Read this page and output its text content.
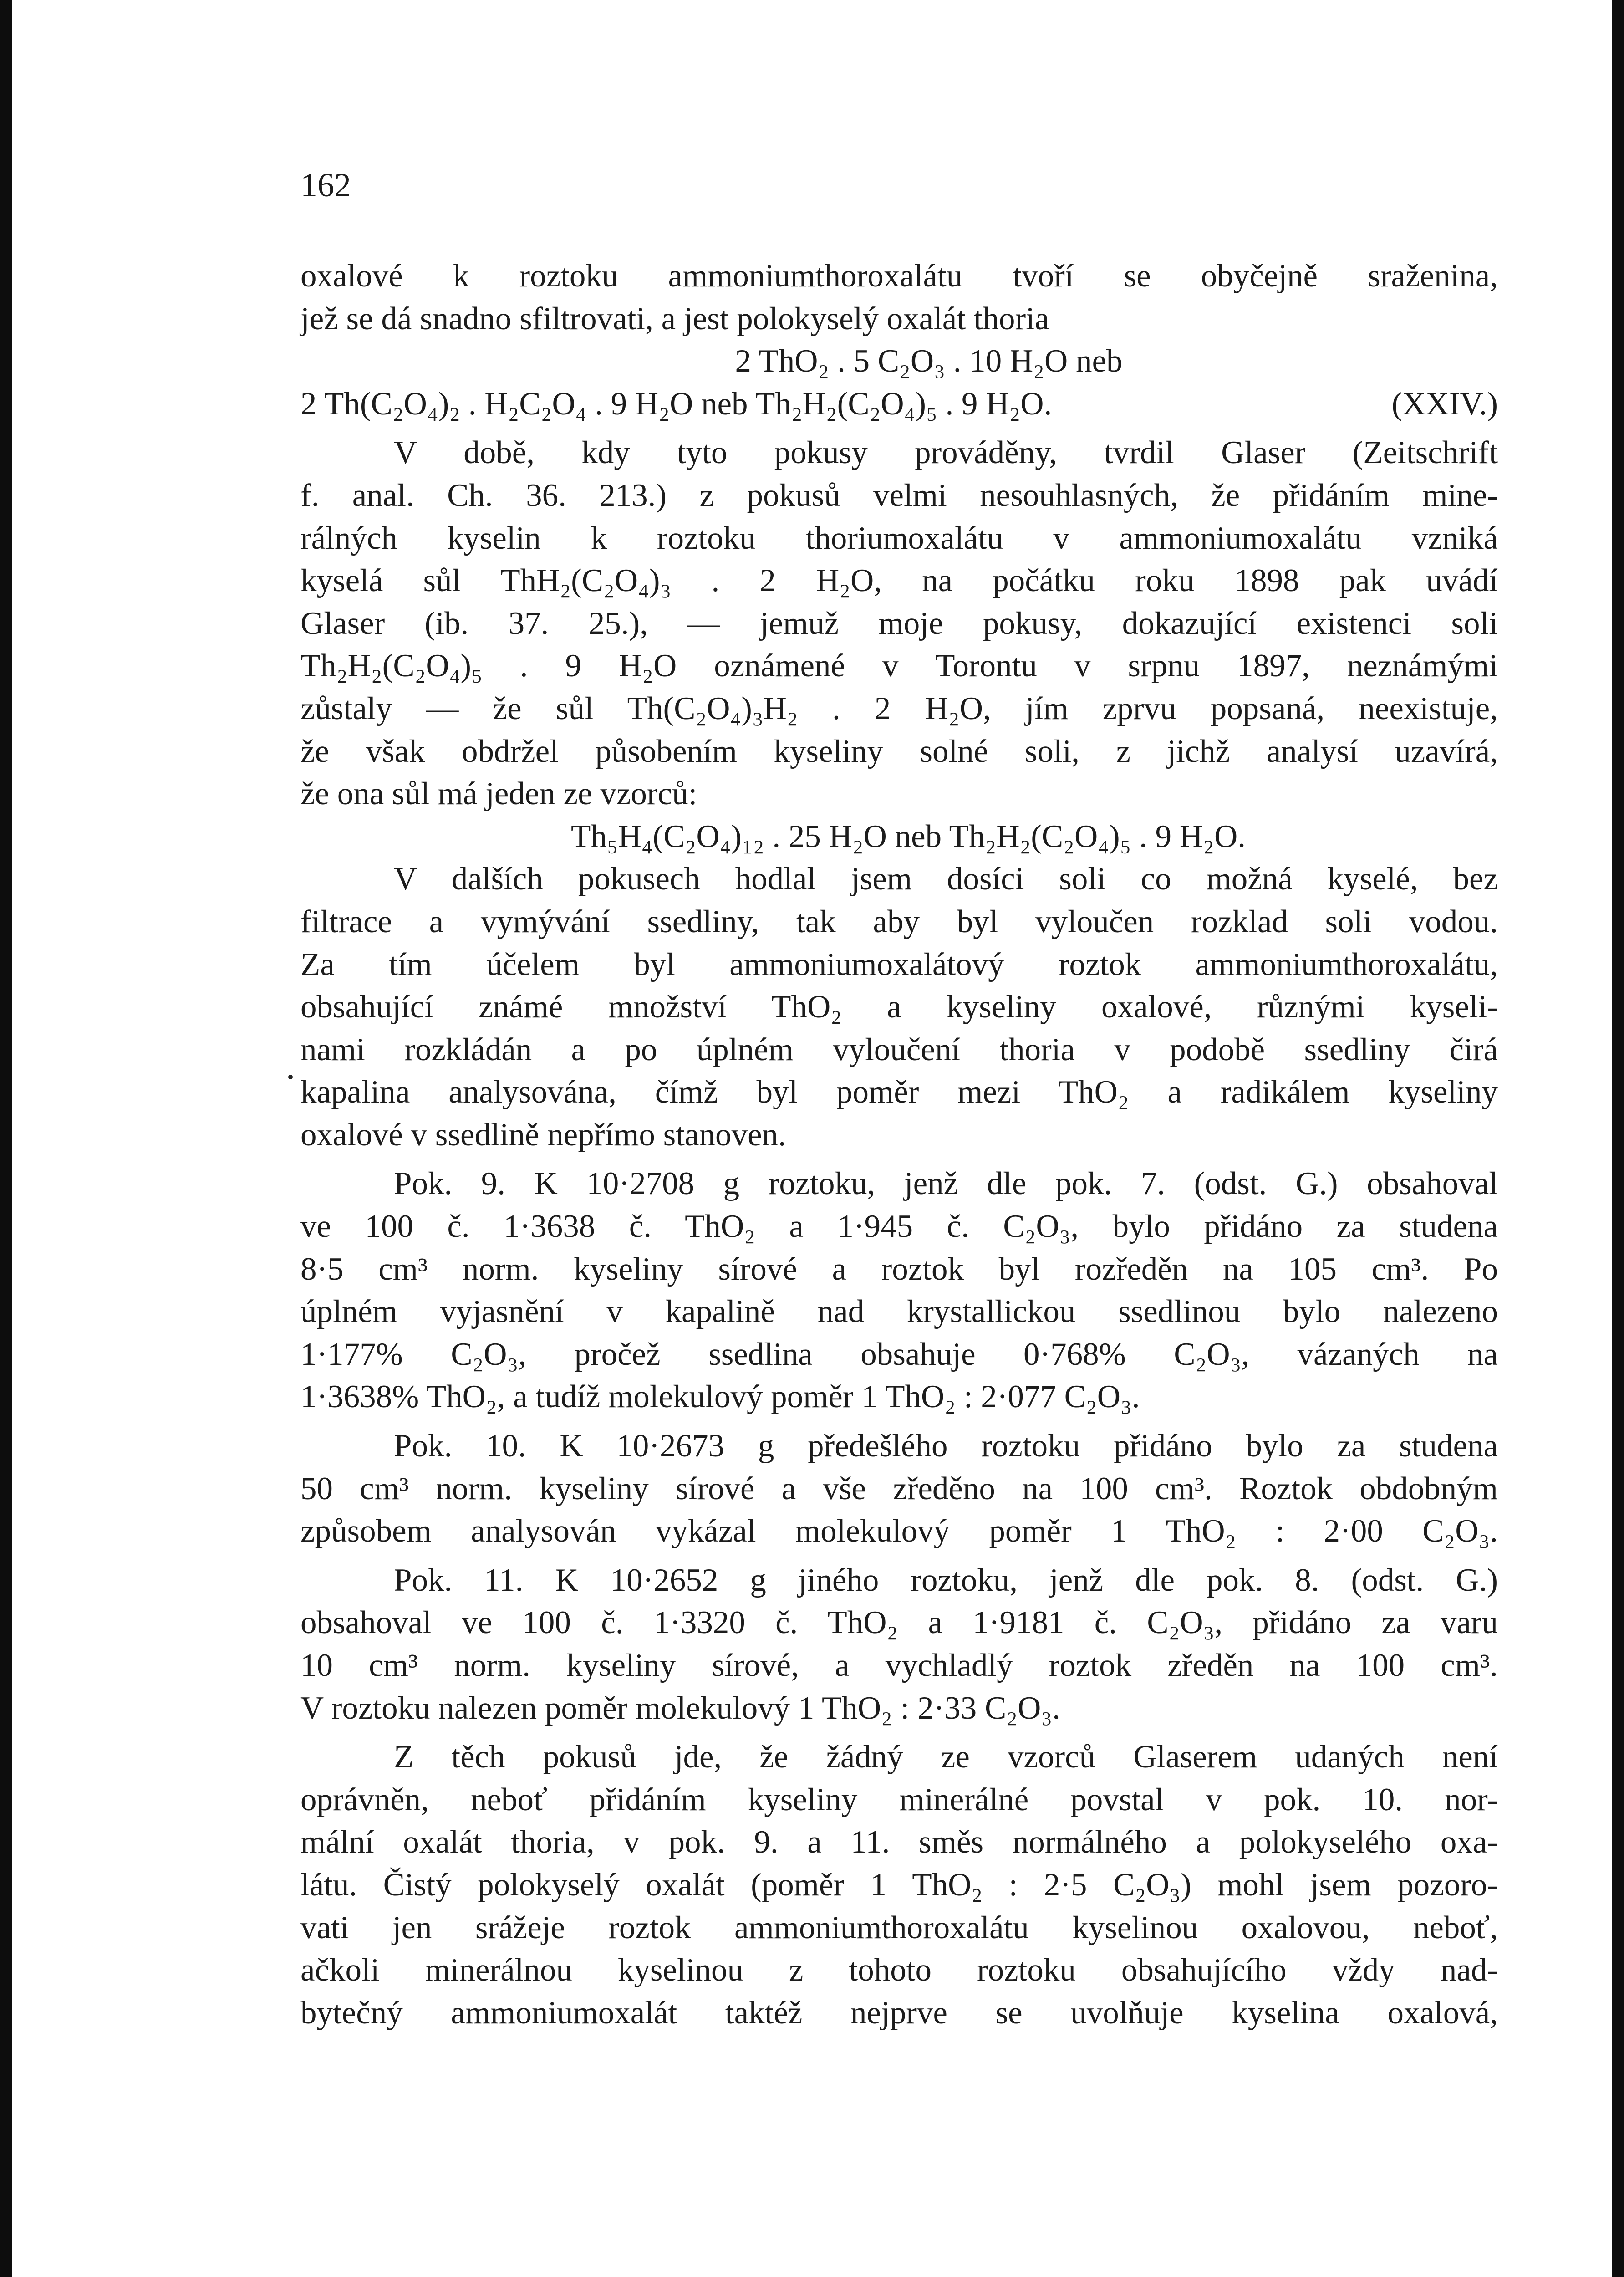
162
oxalové k roztoku ammoniumthoroxalátu tvoří se obyčejně sraženina,
jež se dá snadno sfiltrovati, a jest polokyselý oxalát thoria
2 ThO₂ . 5 C₂O₃ . 10 H₂O neb
2 Th(C₂O₄)₂ . H₂C₂O₄ . 9 H₂O neb Th₂H₂(C₂O₄)₅ . 9 H₂O.	(XXIV.)
V době, kdy tyto pokusy prováděny, tvrdil Glaser (Zeitschrift
f. anal. Ch. 36. 213.) z pokusů velmi nesouhlasných, že přidáním mine-
rálných kyselin k roztoku thoriumoxalátu v ammoniumoxalátu vzniká
kyselá sůl ThH₂(C₂O₄)₃ . 2 H₂O, na počátku roku 1898 pak uvádí
Glaser (ib. 37. 25.), — jemuž moje pokusy, dokazující existenci soli
Th₂H₂(C₂O₄)₅ . 9 H₂O oznámené v Torontu v srpnu 1897, neznámými
zůstaly — že sůl Th(C₂O₄)₃H₂ . 2 H₂O, jím zprvu popsaná, neexistuje,
že však obdržel působením kyseliny solné soli, z jichž analysí uzavírá,
že ona sůl má jeden ze vzorců:
Th₅H₄(C₂O₄)₁₂ . 25 H₂O neb Th₂H₂(C₂O₄)₅ . 9 H₂O.
V dalších pokusech hodlal jsem dosíci soli co možná kyselé, bez
filtrace a vymývání ssedliny, tak aby byl vyloučen rozklad soli vodou.
Za tím účelem byl ammoniumoxalátový roztok ammoniumthoroxalátu,
obsahující známé množství ThO₂ a kyseliny oxalové, různými kyseli-
nami rozkládán a po úplném vyloučení thoria v podobě ssedliny čirá
kapalina analysována, čímž byl poměr mezi ThO₂ a radikálem kyseliny
oxalové v ssedlině nepřímo stanoven.
Pok. 9. K 10·2708 g roztoku, jenž dle pok. 7. (odst. G.) obsahoval
ve 100 č. 1·3638 č. ThO₂ a 1·945 č. C₂O₃, bylo přidáno za studena
8·5 cm³ norm. kyseliny sírové a roztok byl rozředěn na 105 cm³. Po
úplném vyjasnění v kapalině nad krystallickou ssedlinou bylo nalezeno
1·177% C₂O₃, pročež ssedlina obsahuje 0·768% C₂O₃, vázaných na
1·3638% ThO₂, a tudíž molekulový poměr 1 ThO₂ : 2·077 C₂O₃.
Pok. 10. K 10·2673 g předešlého roztoku přidáno bylo za studena
50 cm³ norm. kyseliny sírové a vše zředěno na 100 cm³. Roztok obdobným
způsobem analysován vykázal molekulový poměr 1 ThO₂ : 2·00 C₂O₃.
Pok. 11. K 10·2652 g jiného roztoku, jenž dle pok. 8. (odst. G.)
obsahoval ve 100 č. 1·3320 č. ThO₂ a 1·9181 č. C₂O₃, přidáno za varu
10 cm³ norm. kyseliny sírové, a vychladlý roztok zředěn na 100 cm³.
V roztoku nalezen poměr molekulový 1 ThO₂ : 2·33 C₂O₃.
Z těch pokusů jde, že žádný ze vzorců Glaserem udaných není
oprávněn, neboť přidáním kyseliny minerálné povstal v pok. 10. nor-
mální oxalát thoria, v pok. 9. a 11. směs normálného a polokyselého oxa-
látu. Čistý polokyselý oxalát (poměr 1 ThO₂ : 2·5 C₂O₃) mohl jsem pozoro-
vati jen srážeje roztok ammoniumthoroxalátu kyselinou oxalovou, neboť,
ačkoli minerálnou kyselinou z tohoto roztoku obsahujícího vždy nad-
bytečný ammoniumoxalát taktéž nejprve se uvolňuje kyselina oxalová,
